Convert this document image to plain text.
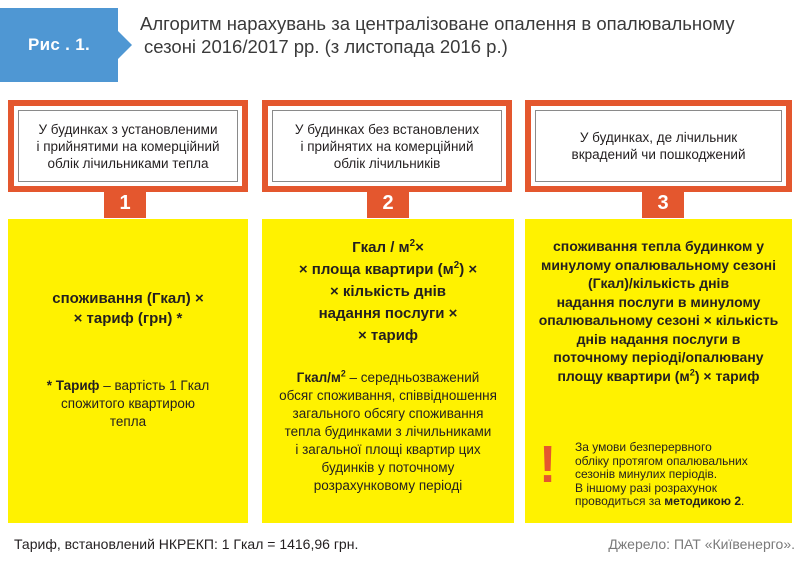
Рис . 1.
Алгоритм нарахувань за централізоване опалення в опалювальному
сезоні 2016/2017 рр. (з листопада 2016 р.)
У будинках з установленими
і прийнятими на комерційний
облік лічильниками тепла
1
споживання (Гкал) ×
× тариф (грн) *
* Тариф – вартість 1 Гкал
спожитого квартирою
тепла
У будинках без встановлених
і прийнятих на комерційний
облік лічильників
2
Гкал / $м^2\times$
× площа квартири $(м^2)$ ×
× кількість днів
надання послуги ×
× тариф
Гкал/$м^2$ – середньозважений
обсяг споживання, співвідношення
загального обсягу споживання
тепла будинками з лічильниками
і загальної площі квартир цих
будинків у поточному
розрахунковому періоді
У будинках, де лічильник
вкрадений чи пошкоджений
3
споживання тепла будинком у
минулому опалювальному сезоні
(Гкал)/кількість днів
надання послуги в минулому
опалювальному сезоні × кількість
днів надання послуги в
поточному періоді/опалювану
площу квартири $(м^2)$ × тариф
! За умови безперервного
обліку протягом опалювальних
сезонів минулих періодів.
В іншому разі розрахунок
проводиться за методикою 2.
Тариф, встановлений НКРЕКП: 1 Гкал = 1416,96 грн.	Джерело: ПАТ «Київенерго».
